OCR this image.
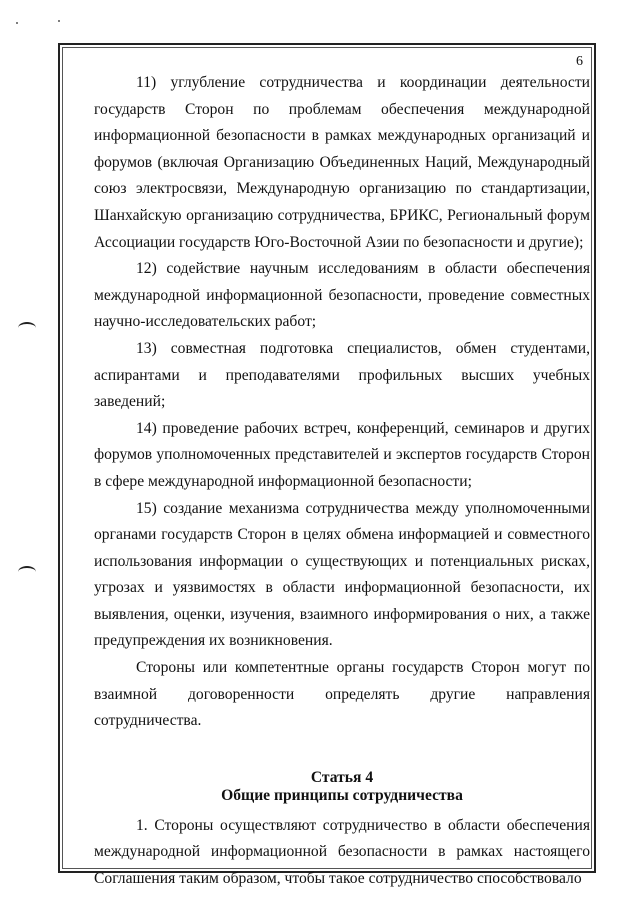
6

11) углубление сотрудничества и координации деятельности государств Сторон по проблемам обеспечения международной информационной безопасности в рамках международных организаций и форумов (включая Организацию Объединенных Наций, Международный союз электросвязи, Международную организацию по стандартизации, Шанхайскую организацию сотрудничества, БРИКС, Региональный форум Ассоциации государств Юго-Восточной Азии по безопасности и другие);

12) содействие научным исследованиям в области обеспечения международной информационной безопасности, проведение совместных научно-исследовательских работ;

13) совместная подготовка специалистов, обмен студентами, аспирантами и преподавателями профильных высших учебных заведений;

14) проведение рабочих встреч, конференций, семинаров и других форумов уполномоченных представителей и экспертов государств Сторон в сфере международной информационной безопасности;

15) создание механизма сотрудничества между уполномоченными органами государств Сторон в целях обмена информацией и совместного использования информации о существующих и потенциальных рисках, угрозах и уязвимостях в области информационной безопасности, их выявления, оценки, изучения, взаимного информирования о них, а также предупреждения их возникновения.

Стороны или компетентные органы государств Сторон могут по взаимной договоренности определять другие направления сотрудничества.

Статья 4
Общие принципы сотрудничества

1. Стороны осуществляют сотрудничество в области обеспечения международной информационной безопасности в рамках настоящего Соглашения таким образом, чтобы такое сотрудничество способствовало
